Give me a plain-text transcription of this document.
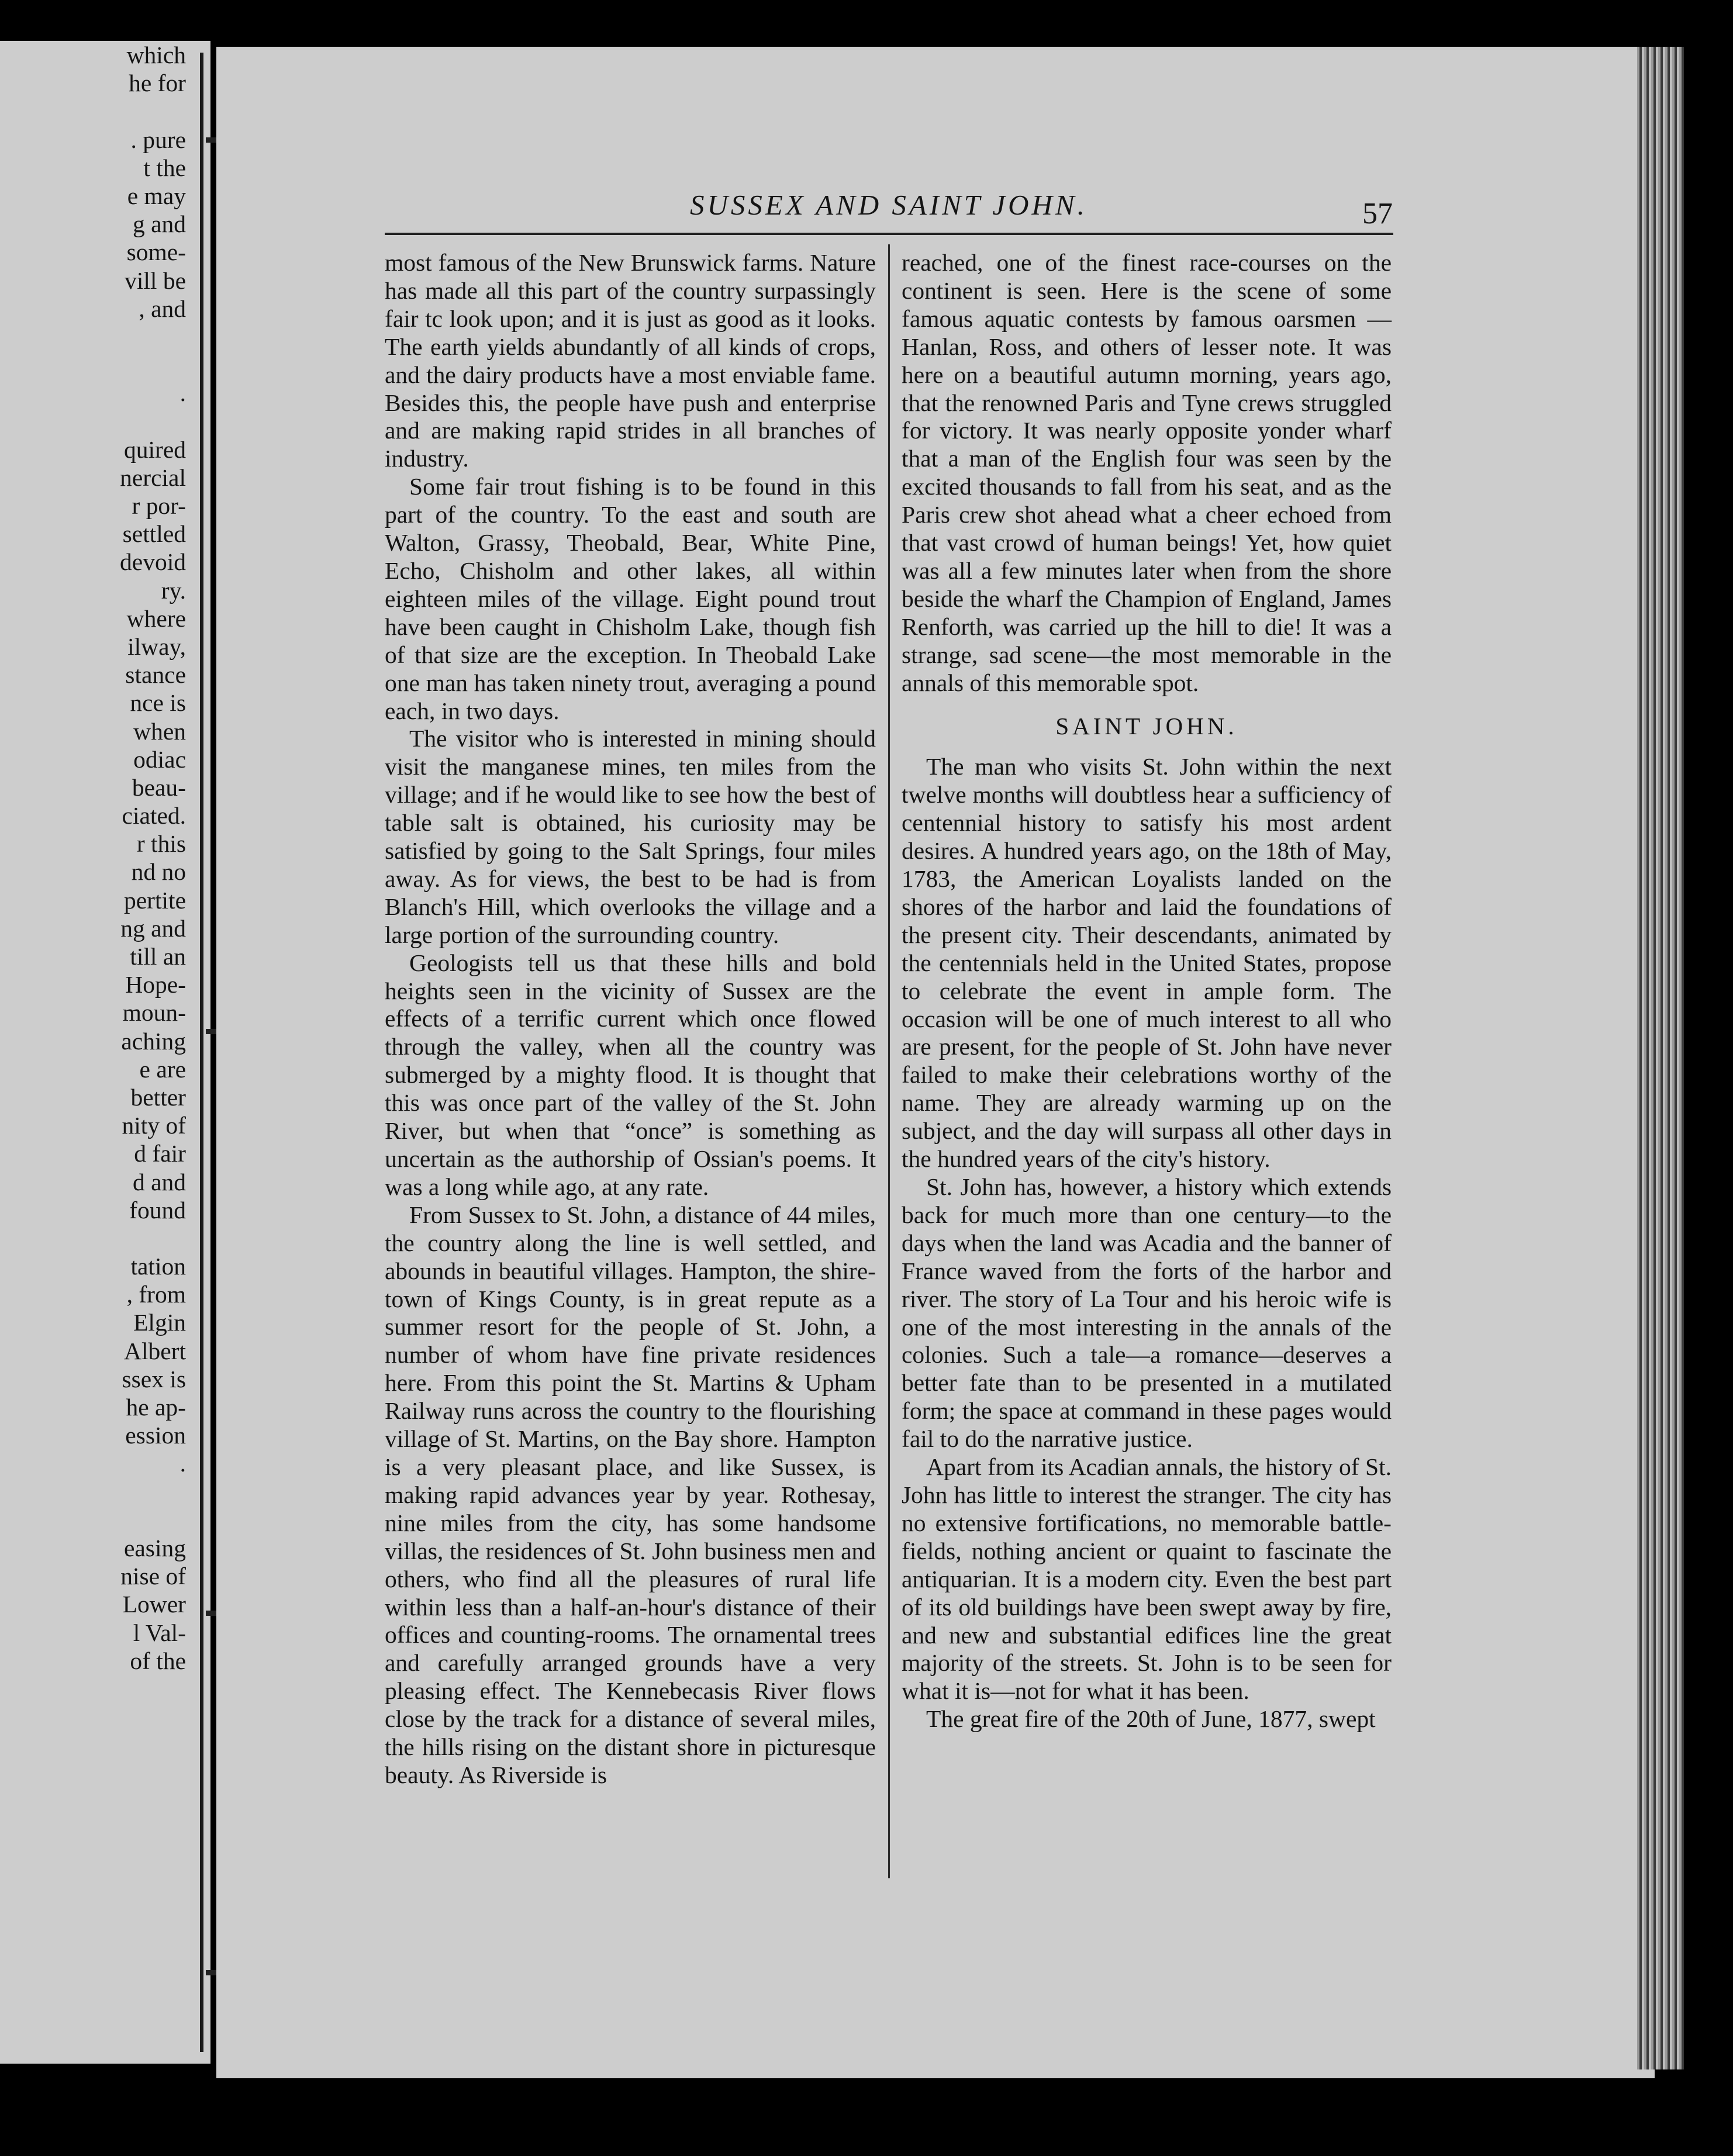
which
he for
. pure
t the
e may
g and
some-
vill be
, and
.
quired
nercial
r por-
settled
devoid
ry.
where
ilway,
stance
nce is
when
odiac
beau-
ciated.
r this
nd no
pertite
ng and
till an
Hope-
moun-
aching
e are
better
nity of
d fair
d and
found
tation
, from
Elgin
Albert
ssex is
he ap-
ession
.
easing
nise of
Lower
l Val-
of the
SUSSEX AND SAINT JOHN.	57

most famous of the New Brunswick farms. Nature has made all this part of the country surpassingly fair tc look upon; and it is just as good as it looks. The earth yields abundantly of all kinds of crops, and the dairy products have a most enviable fame. Besides this, the people have push and enterprise and are making rapid strides in all branches of industry.

Some fair trout fishing is to be found in this part of the country. To the east and south are Walton, Grassy, Theobald, Bear, White Pine, Echo, Chisholm and other lakes, all within eighteen miles of the village. Eight pound trout have been caught in Chisholm Lake, though fish of that size are the exception. In Theobald Lake one man has taken ninety trout, averaging a pound each, in two days.

The visitor who is interested in mining should visit the manganese mines, ten miles from the village; and if he would like to see how the best of table salt is obtained, his curiosity may be satisfied by going to the Salt Springs, four miles away. As for views, the best to be had is from Blanch's Hill, which overlooks the village and a large portion of the surrounding country.

Geologists tell us that these hills and bold heights seen in the vicinity of Sussex are the effects of a terrific current which once flowed through the valley, when all the country was submerged by a mighty flood. It is thought that this was once part of the valley of the St. John River, but when that “once” is something as uncertain as the authorship of Ossian's poems. It was a long while ago, at any rate.

From Sussex to St. John, a distance of 44 miles, the country along the line is well settled, and abounds in beautiful villages. Hampton, the shire-town of Kings County, is in great repute as a summer resort for the people of St. John, a number of whom have fine private residences here. From this point the St. Martins & Upham Railway runs across the country to the flourishing village of St. Martins, on the Bay shore. Hampton is a very pleasant place, and like Sussex, is making rapid advances year by year. Rothesay, nine miles from the city, has some handsome villas, the residences of St. John business men and others, who find all the pleasures of rural life within less than a half-an-hour's distance of their offices and counting-rooms. The ornamental trees and carefully arranged grounds have a very pleasing effect. The Kennebecasis River flows close by the track for a distance of several miles, the hills rising on the distant shore in picturesque beauty. As Riverside is

reached, one of the finest race-courses on the continent is seen. Here is the scene of some famous aquatic contests by famous oarsmen —Hanlan, Ross, and others of lesser note. It was here on a beautiful autumn morning, years ago, that the renowned Paris and Tyne crews struggled for victory. It was nearly opposite yonder wharf that a man of the English four was seen by the excited thousands to fall from his seat, and as the Paris crew shot ahead what a cheer echoed from that vast crowd of human beings! Yet, how quiet was all a few minutes later when from the shore beside the wharf the Champion of England, James Renforth, was carried up the hill to die! It was a strange, sad scene—the most memorable in the annals of this memorable spot.

SAINT JOHN.

The man who visits St. John within the next twelve months will doubtless hear a sufficiency of centennial history to satisfy his most ardent desires. A hundred years ago, on the 18th of May, 1783, the American Loyalists landed on the shores of the harbor and laid the foundations of the present city. Their descendants, animated by the centennials held in the United States, propose to celebrate the event in ample form. The occasion will be one of much interest to all who are present, for the people of St. John have never failed to make their celebrations worthy of the name. They are already warming up on the subject, and the day will surpass all other days in the hundred years of the city's history.

St. John has, however, a history which extends back for much more than one century—to the days when the land was Acadia and the banner of France waved from the forts of the harbor and river. The story of La Tour and his heroic wife is one of the most interesting in the annals of the colonies. Such a tale—a romance—deserves a better fate than to be presented in a mutilated form; the space at command in these pages would fail to do the narrative justice.

Apart from its Acadian annals, the history of St. John has little to interest the stranger. The city has no extensive fortifications, no memorable battle-fields, nothing ancient or quaint to fascinate the antiquarian. It is a modern city. Even the best part of its old buildings have been swept away by fire, and new and substantial edifices line the great majority of the streets. St. John is to be seen for what it is—not for what it has been.

The great fire of the 20th of June, 1877, swept
